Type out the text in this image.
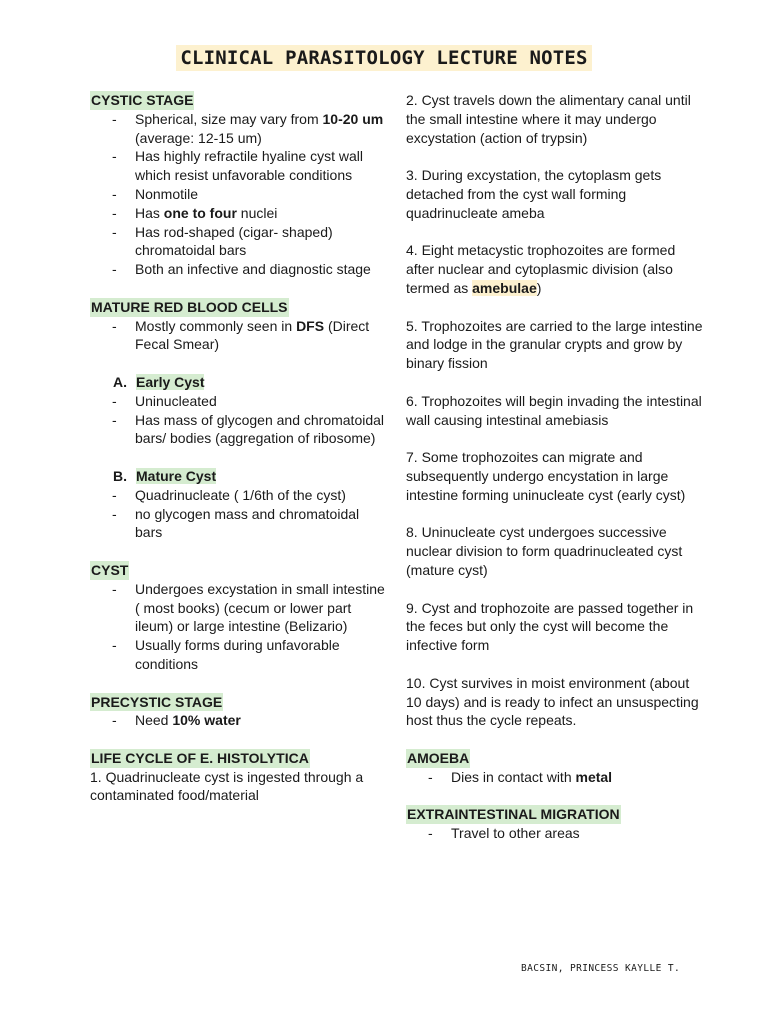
CLINICAL PARASITOLOGY LECTURE NOTES
CYSTIC STAGE
- Spherical, size may vary from 10-20 um (average: 12-15 um)
- Has highly refractile hyaline cyst wall which resist unfavorable conditions
- Nonmotile
- Has one to four nuclei
- Has rod-shaped (cigar- shaped) chromatoidal bars
- Both an infective and diagnostic stage
MATURE RED BLOOD CELLS
- Mostly commonly seen in DFS (Direct Fecal Smear)
A. Early Cyst
- Uninucleated
- Has mass of glycogen and chromatoidal bars/ bodies (aggregation of ribosome)
B. Mature Cyst
- Quadrinucleate ( 1/6th of the cyst)
- no glycogen mass and chromatoidal bars
CYST
- Undergoes excystation in small intestine ( most books) (cecum or lower part ileum) or large intestine (Belizario)
- Usually forms during unfavorable conditions
PRECYSTIC STAGE
- Need 10% water
LIFE CYCLE OF E. HISTOLYTICA

1. Quadrinucleate cyst is ingested through a contaminated food/material

2. Cyst travels down the alimentary canal until the small intestine where it may undergo excystation (action of trypsin)

3. During excystation, the cytoplasm gets detached from the cyst wall forming quadrinucleate ameba

4. Eight metacystic trophozoites are formed after nuclear and cytoplasmic division (also termed as amebulae)

5. Trophozoites are carried to the large intestine and lodge in the granular crypts and grow by binary fission

6. Trophozoites will begin invading the intestinal wall causing intestinal amebiasis

7. Some trophozoites can migrate and subsequently undergo encystation in large intestine forming uninucleate cyst (early cyst)

8. Uninucleate cyst undergoes successive nuclear division to form quadrinucleated cyst (mature cyst)

9. Cyst and trophozoite are passed together in the feces but only the cyst will become the infective form

10. Cyst survives in moist environment (about 10 days) and is ready to infect an unsuspecting host thus the cycle repeats.

AMOEBA
- Dies in contact with metal
EXTRAINTESTINAL MIGRATION
- Travel to other areas
BACSIN, PRINCESS KAYLLE T.
